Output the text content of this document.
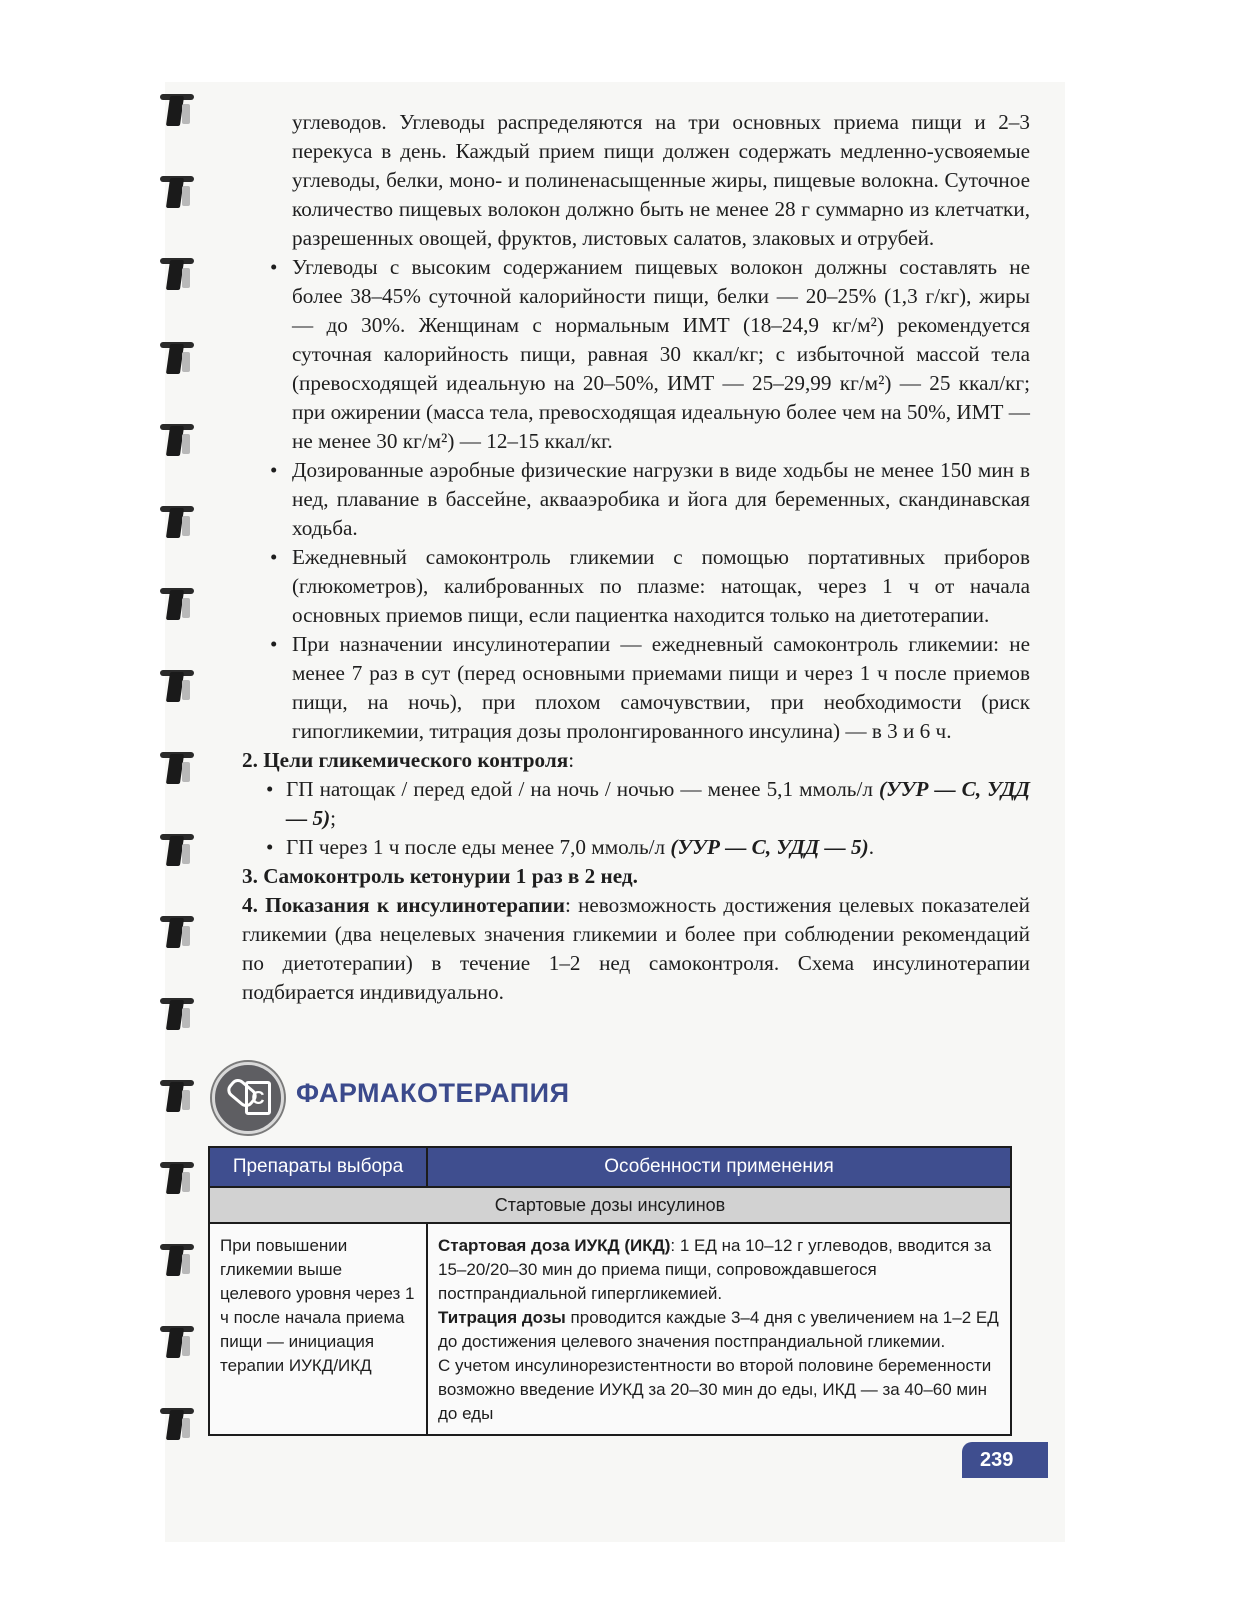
углеводов. Углеводы распределяются на три основных приема пищи и 2–3 перекуса в день. Каждый прием пищи должен содержать медленно-усвояемые углеводы, белки, моно- и полиненасыщенные жиры, пищевые волокна. Суточное количество пищевых волокон должно быть не менее 28 г суммарно из клетчатки, разрешенных овощей, фруктов, листовых салатов, злаковых и отрубей.

• Углеводы с высоким содержанием пищевых волокон должны составлять не более 38–45% суточной калорийности пищи, белки — 20–25% (1,3 г/кг), жиры — до 30%. Женщинам с нормальным ИМТ (18–24,9 кг/м²) рекомендуется суточная калорийность пищи, равная 30 ккал/кг; с избыточной массой тела (превосходящей идеальную на 20–50%, ИМТ — 25–29,99 кг/м²) — 25 ккал/кг; при ожирении (масса тела, превосходящая идеальную более чем на 50%, ИМТ — не менее 30 кг/м²) — 12–15 ккал/кг.

• Дозированные аэробные физические нагрузки в виде ходьбы не менее 150 мин в нед, плавание в бассейне, аквааэробика и йога для беременных, скандинавская ходьба.

• Ежедневный самоконтроль гликемии с помощью портативных приборов (глюкометров), калиброванных по плазме: натощак, через 1 ч от начала основных приемов пищи, если пациентка находится только на диетотерапии.

• При назначении инсулинотерапии — ежедневный самоконтроль гликемии: не менее 7 раз в сут (перед основными приемами пищи и через 1 ч после приемов пищи, на ночь), при плохом самочувствии, при необходимости (риск гипогликемии, титрация дозы пролонгированного инсулина) — в 3 и 6 ч.

2. Цели гликемического контроля:

• ГП натощак / перед едой / на ночь / ночью — менее 5,1 ммоль/л (УУР — С, УДД — 5);

• ГП через 1 ч после еды менее 7,0 ммоль/л (УУР — С, УДД — 5).

3. Самоконтроль кетонурии 1 раз в 2 нед.

4. Показания к инсулинотерапии: невозможность достижения целевых показателей гликемии (два нецелевых значения гликемии и более при соблюдении рекомендаций по диетотерапии) в течение 1–2 нед самоконтроля. Схема инсулинотерапии подбирается индивидуально.

С ФАРМАКОТЕРАПИЯ
Препараты выбора	Особенности применения
Стартовые дозы инсулинов	
При повышении гликемии выше целевого уровня через 1 ч после начала приема пищи — инициация терапии ИУКД/ИКД	Стартовая доза ИУКД (ИКД): 1 ЕД на 10–12 г углеводов, вводится за 15–20/20–30 мин до приема пищи, сопровождавшегося постпрандиальной гипергликемией.
Титрация дозы проводится каждые 3–4 дня с увеличением на 1–2 ЕД до достижения целевого значения постпрандиальной гликемии.
С учетом инсулинорезистентности во второй половине беременности возможно введение ИУКД за 20–30 мин до еды, ИКД — за 40–60 мин до еды
239
